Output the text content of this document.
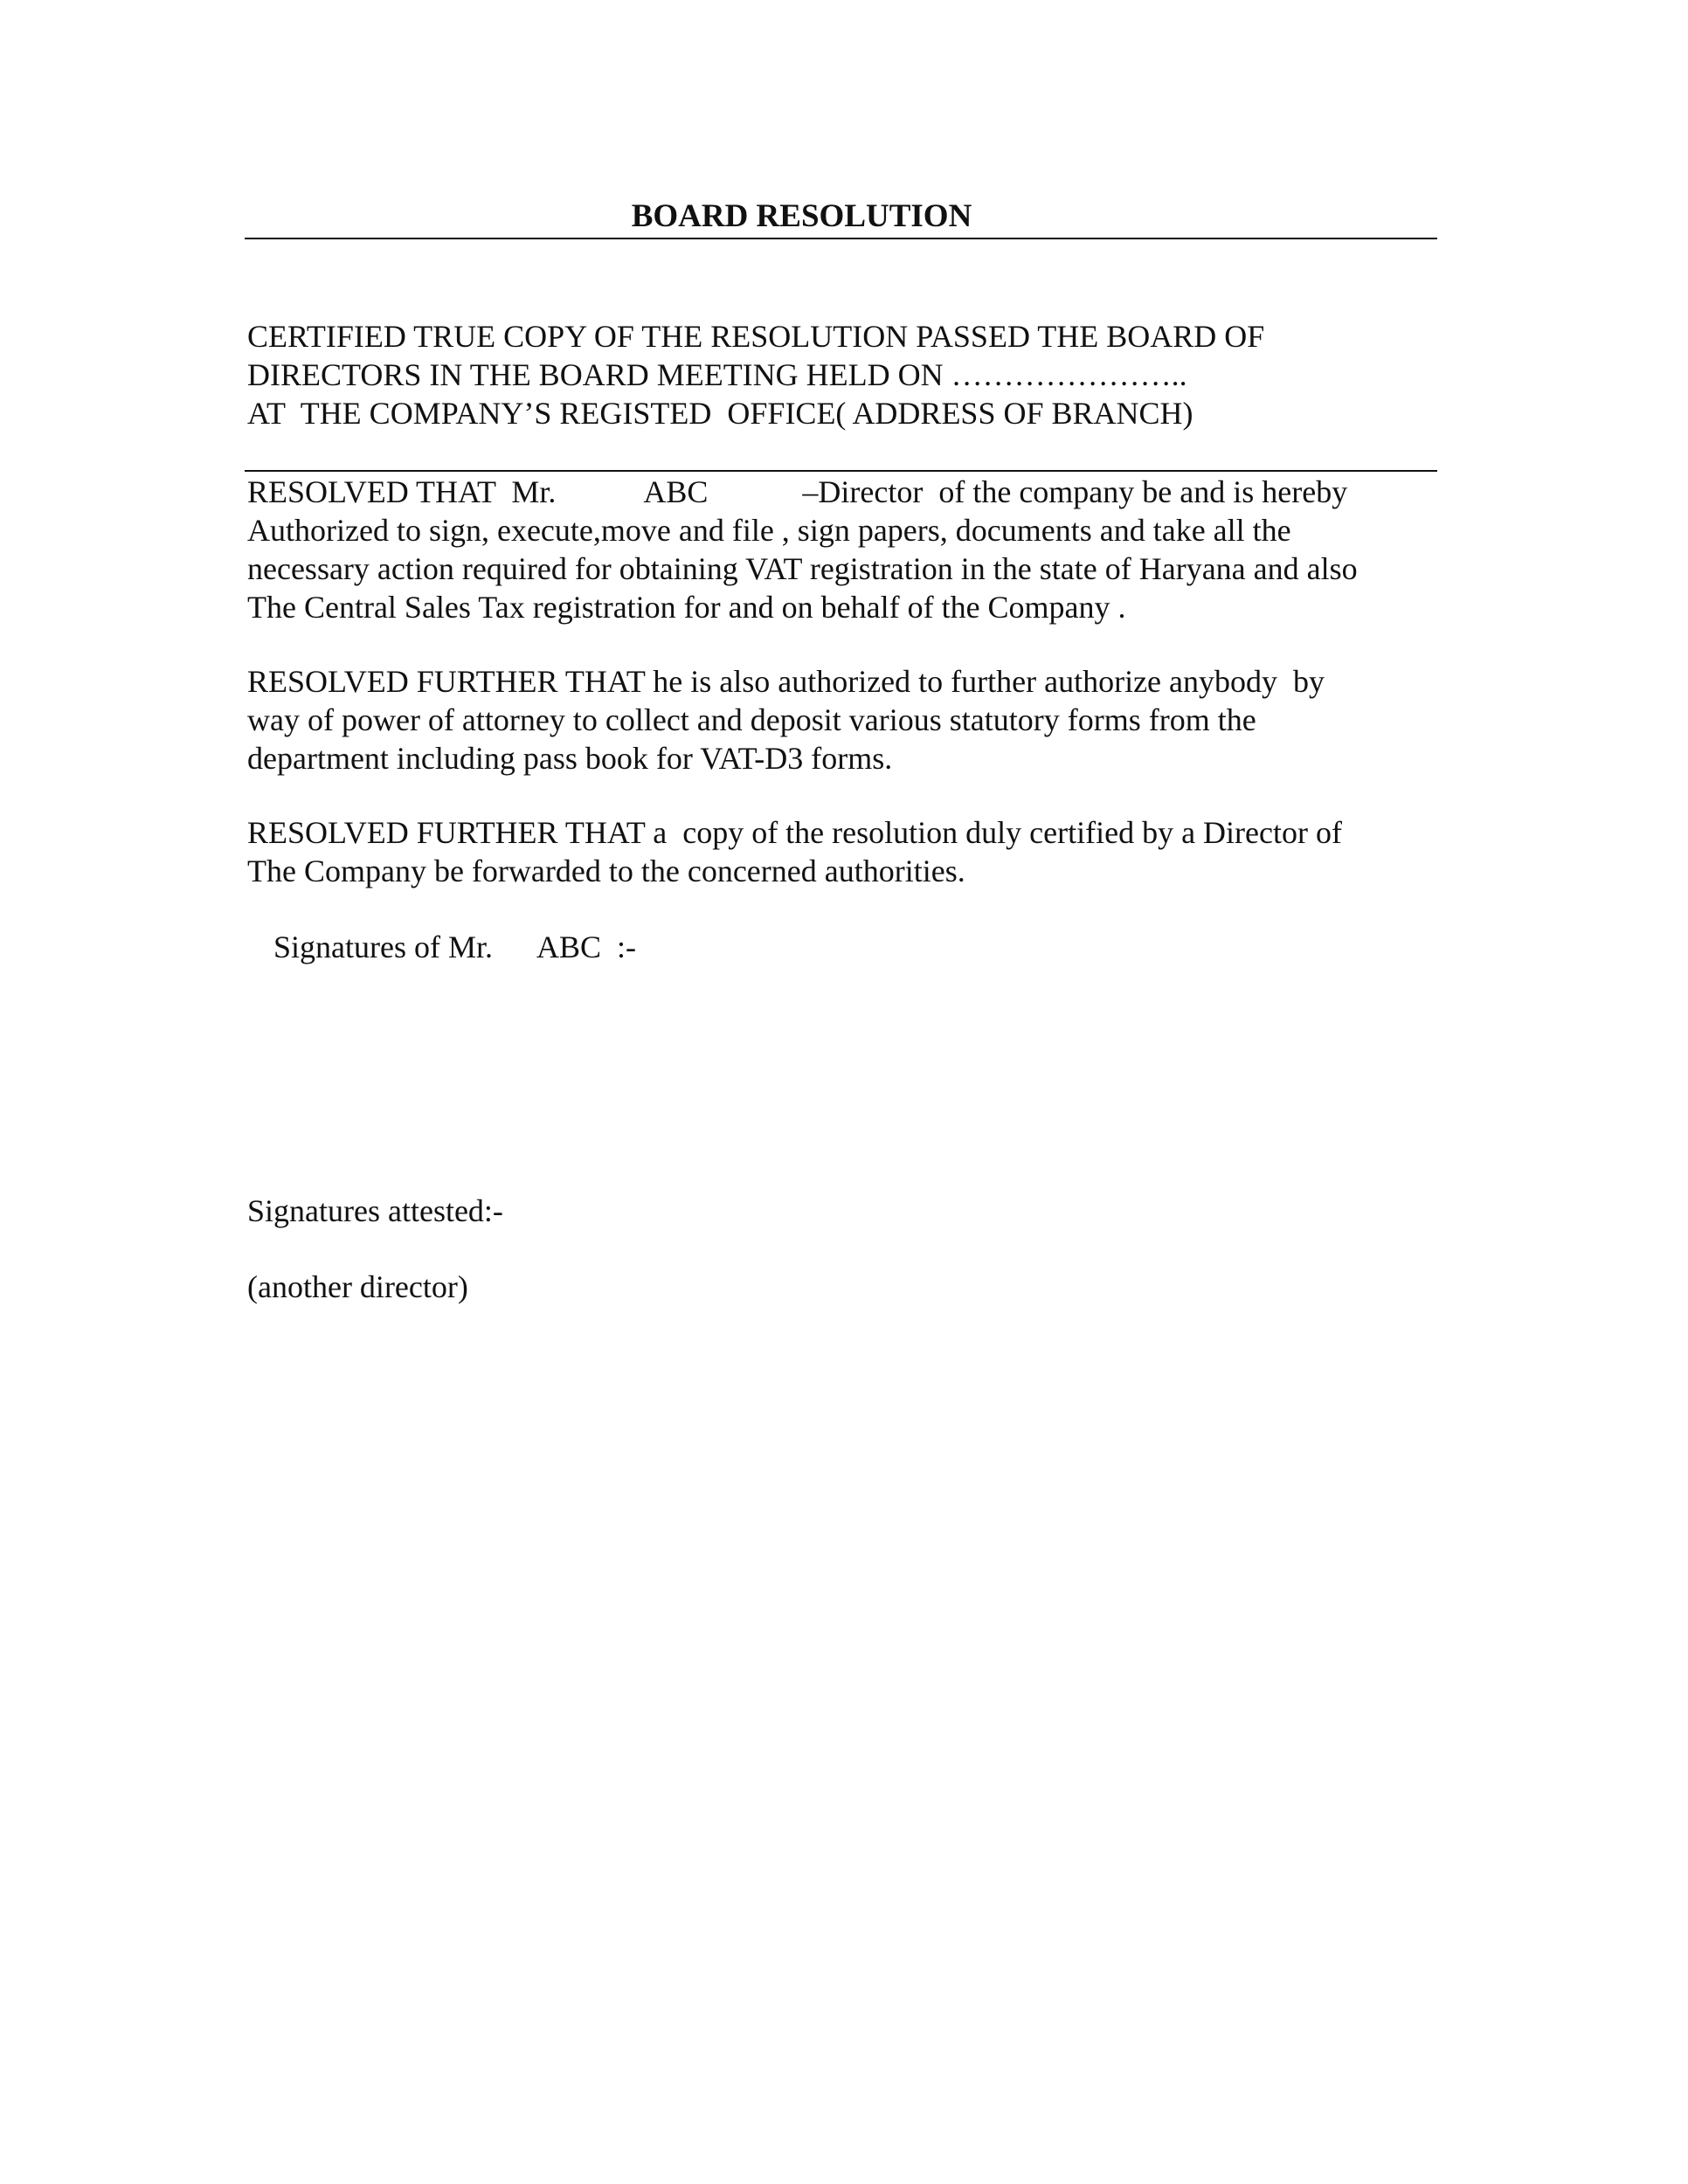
BOARD RESOLUTION

CERTIFIED TRUE COPY OF THE RESOLUTION PASSED THE BOARD OF
DIRECTORS IN THE BOARD MEETING HELD ON …………………..
AT  THE COMPANY’S REGISTED  OFFICE( ADDRESS OF BRANCH)

RESOLVED THAT  Mr.	ABC	–Director  of the company be and is hereby
Authorized to sign, execute,move and file , sign papers, documents and take all the
necessary action required for obtaining VAT registration in the state of Haryana and also
The Central Sales Tax registration for and on behalf of the Company .

RESOLVED FURTHER THAT he is also authorized to further authorize anybody  by
way of power of attorney to collect and deposit various statutory forms from the
department including pass book for VAT-D3 forms.

RESOLVED FURTHER THAT a  copy of the resolution duly certified by a Director of
The Company be forwarded to the concerned authorities.

Signatures of Mr. ABC :-

Signatures attested:-

(another director)
